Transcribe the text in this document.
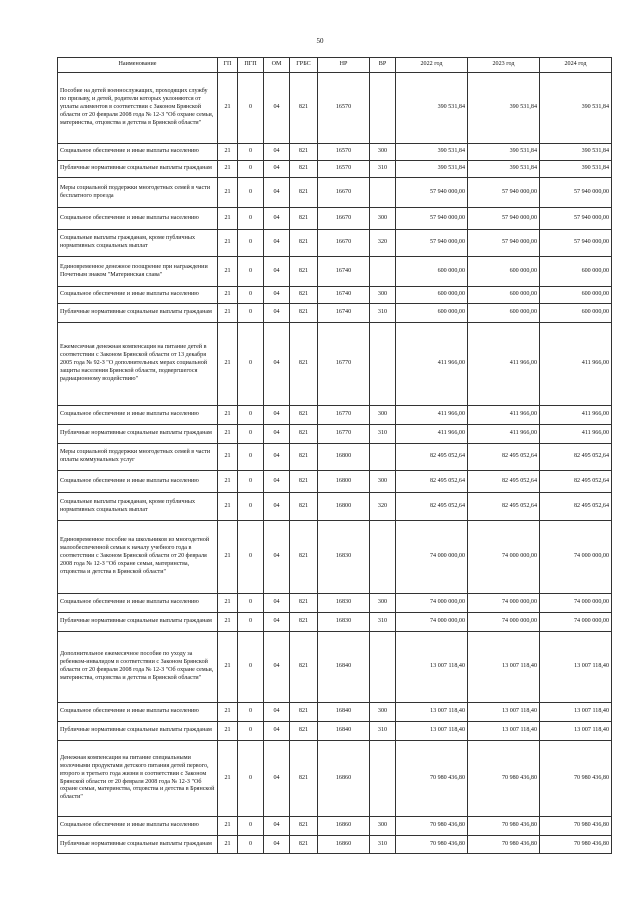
50
Наименование	ГП	ПГП	ОМ	ГРБС	НР	ВР	2022 год	2023 год	2024 год
Пособие на детей военнослужащих, проходящих службу по призыву, и детей, родители которых уклоняются от уплаты алиментов в соответствии с Законом Брянской области от 20 февраля 2008 года № 12-З "Об охране семьи, материнства, отцовства и детства в Брянской области"	21	0	04	821	16570		390 531,84	390 531,84	390 531,84
Социальное обеспечение и иные выплаты населению	21	0	04	821	16570	300	390 531,84	390 531,84	390 531,84
Публичные нормативные социальные выплаты гражданам	21	0	04	821	16570	310	390 531,84	390 531,84	390 531,84
Меры социальной поддержки многодетных семей в части бесплатного проезда	21	0	04	821	16670		57 940 000,00	57 940 000,00	57 940 000,00
Социальное обеспечение и иные выплаты населению	21	0	04	821	16670	300	57 940 000,00	57 940 000,00	57 940 000,00
Социальные выплаты гражданам, кроме публичных нормативных социальных выплат	21	0	04	821	16670	320	57 940 000,00	57 940 000,00	57 940 000,00
Единовременное денежное поощрение при награждении Почетным знаком "Материнская слава"	21	0	04	821	16740		600 000,00	600 000,00	600 000,00
Социальное обеспечение и иные выплаты населению	21	0	04	821	16740	300	600 000,00	600 000,00	600 000,00
Публичные нормативные социальные выплаты гражданам	21	0	04	821	16740	310	600 000,00	600 000,00	600 000,00
Ежемесячная денежная компенсация на питание детей в соответствии с Законом Брянской области от 13 декабря 2005 года № 92-З "О дополнительных мерах социальной защиты населения Брянской области, подвергшегося радиационному воздействию"	21	0	04	821	16770		411 966,00	411 966,00	411 966,00
Социальное обеспечение и иные выплаты населению	21	0	04	821	16770	300	411 966,00	411 966,00	411 966,00
Публичные нормативные социальные выплаты гражданам	21	0	04	821	16770	310	411 966,00	411 966,00	411 966,00
Меры социальной поддержки многодетных семей в части оплаты коммунальных услуг	21	0	04	821	16800		82 495 052,64	82 495 052,64	82 495 052,64
Социальное обеспечение и иные выплаты населению	21	0	04	821	16800	300	82 495 052,64	82 495 052,64	82 495 052,64
Социальные выплаты гражданам, кроме публичных нормативных социальных выплат	21	0	04	821	16800	320	82 495 052,64	82 495 052,64	82 495 052,64
Единовременное пособие на школьников из многодетной малообеспеченной семьи к началу учебного года в соответствии с Законом Брянской области от 20 февраля 2008 года № 12-З "Об охране семьи, материнства, отцовства и детства в Брянской области"	21	0	04	821	16830		74 000 000,00	74 000 000,00	74 000 000,00
Социальное обеспечение и иные выплаты населению	21	0	04	821	16830	300	74 000 000,00	74 000 000,00	74 000 000,00
Публичные нормативные социальные выплаты гражданам	21	0	04	821	16830	310	74 000 000,00	74 000 000,00	74 000 000,00
Дополнительное ежемесячное пособие по уходу за ребенком-инвалидом в соответствии с Законом Брянской области от 20 февраля 2008 года № 12-З "Об охране семьи, материнства, отцовства и детства в Брянской области"	21	0	04	821	16840		13 007 118,40	13 007 118,40	13 007 118,40
Социальное обеспечение и иные выплаты населению	21	0	04	821	16840	300	13 007 118,40	13 007 118,40	13 007 118,40
Публичные нормативные социальные выплаты гражданам	21	0	04	821	16840	310	13 007 118,40	13 007 118,40	13 007 118,40
Денежная компенсация на питание специальными молочными продуктами детского питания детей первого, второго и третьего года жизни в соответствии с Законом Брянской области от 20 февраля 2008 года № 12-З "Об охране семьи, материнства, отцовства и детства в Брянской области"	21	0	04	821	16860		70 980 436,80	70 980 436,80	70 980 436,80
Социальное обеспечение и иные выплаты населению	21	0	04	821	16860	300	70 980 436,80	70 980 436,80	70 980 436,80
Публичные нормативные социальные выплаты гражданам	21	0	04	821	16860	310	70 980 436,80	70 980 436,80	70 980 436,80
